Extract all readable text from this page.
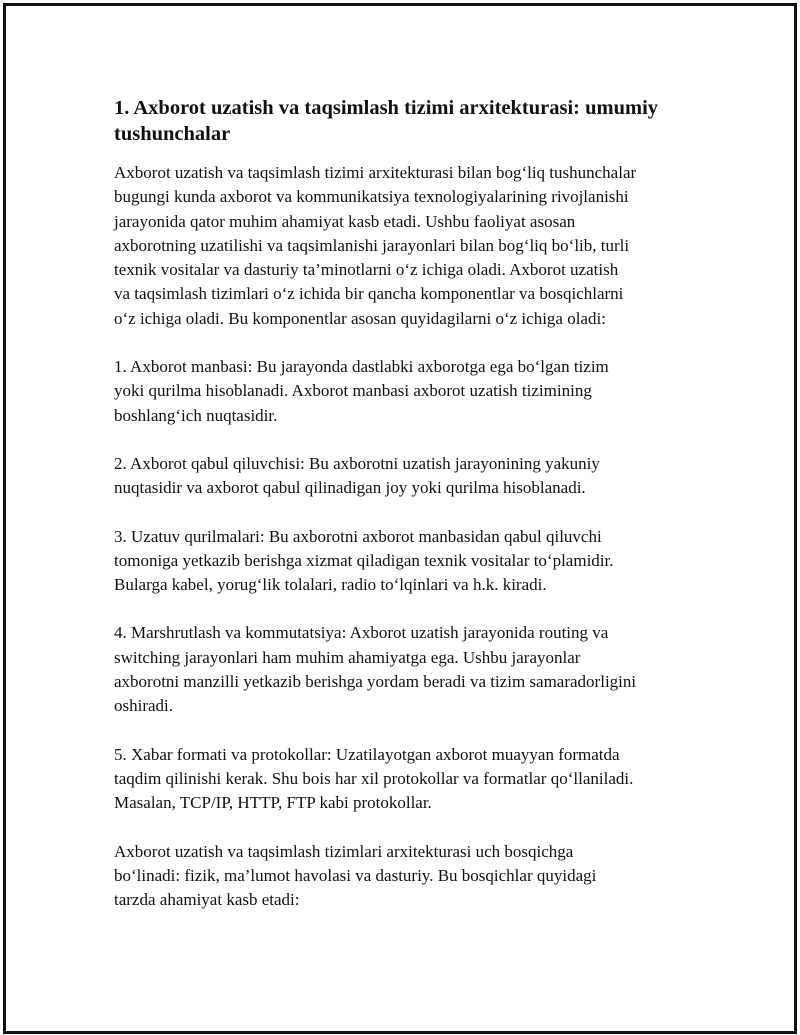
1. Axborot uzatish va taqsimlash tizimi arxitekturasi: umumiy
tushunchalar

Axborot uzatish va taqsimlash tizimi arxitekturasi bilan bog‘liq tushunchalar
bugungi kunda axborot va kommunikatsiya texnologiyalarining rivojlanishi
jarayonida qator muhim ahamiyat kasb etadi. Ushbu faoliyat asosan
axborotning uzatilishi va taqsimlanishi jarayonlari bilan bog‘liq bo‘lib, turli
texnik vositalar va dasturiy ta’minotlarni o‘z ichiga oladi. Axborot uzatish
va taqsimlash tizimlari o‘z ichida bir qancha komponentlar va bosqichlarni
o‘z ichiga oladi. Bu komponentlar asosan quyidagilarni o‘z ichiga oladi:

1. Axborot manbasi: Bu jarayonda dastlabki axborotga ega bo‘lgan tizim
yoki qurilma hisoblanadi. Axborot manbasi axborot uzatish tizimining
boshlang‘ich nuqtasidir.

2. Axborot qabul qiluvchisi: Bu axborotni uzatish jarayonining yakuniy
nuqtasidir va axborot qabul qilinadigan joy yoki qurilma hisoblanadi.

3. Uzatuv qurilmalari: Bu axborotni axborot manbasidan qabul qiluvchi
tomoniga yetkazib berishga xizmat qiladigan texnik vositalar to‘plamidir.
Bularga kabel, yorug‘lik tolalari, radio to‘lqinlari va h.k. kiradi.

4. Marshrutlash va kommutatsiya: Axborot uzatish jarayonida routing va
switching jarayonlari ham muhim ahamiyatga ega. Ushbu jarayonlar
axborotni manzilli yetkazib berishga yordam beradi va tizim samaradorligini
oshiradi.

5. Xabar formati va protokollar: Uzatilayotgan axborot muayyan formatda
taqdim qilinishi kerak. Shu bois har xil protokollar va formatlar qo‘llaniladi.
Masalan, TCP/IP, HTTP, FTP kabi protokollar.

Axborot uzatish va taqsimlash tizimlari arxitekturasi uch bosqichga
bo‘linadi: fizik, ma’lumot havolasi va dasturiy. Bu bosqichlar quyidagi
tarzda ahamiyat kasb etadi:
